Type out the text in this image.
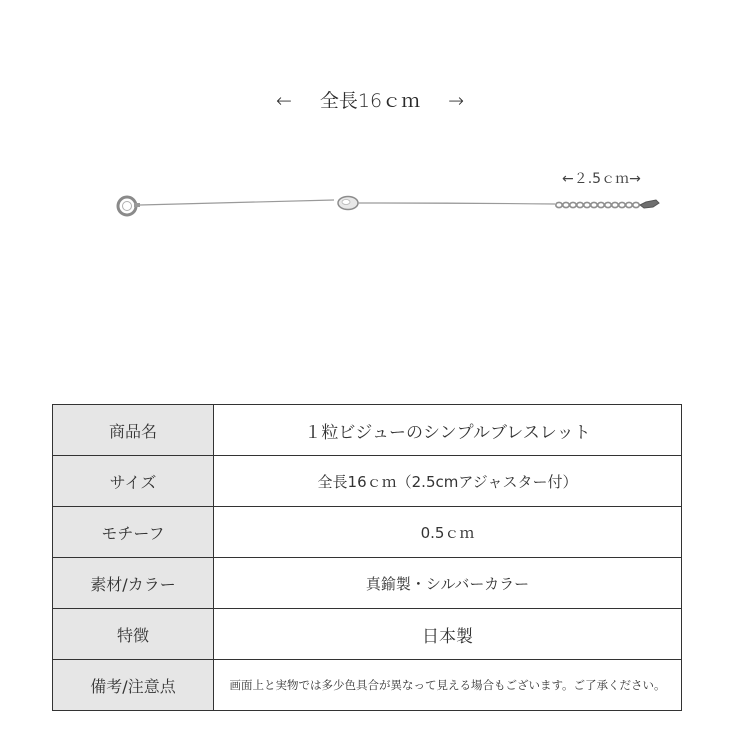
← 全長16ｃｍ →
←２.5ｃｍ→
商品名	１粒ビジューのシンプルブレスレット
サイズ	全長16ｃｍ（2.5cmアジャスター付）
モチーフ	0.5ｃｍ
素材/カラー	真鍮製・シルバーカラー
特徴	日本製
備考/注意点	画面上と実物では多少色具合が異なって見える場合もございます。ご了承ください。
